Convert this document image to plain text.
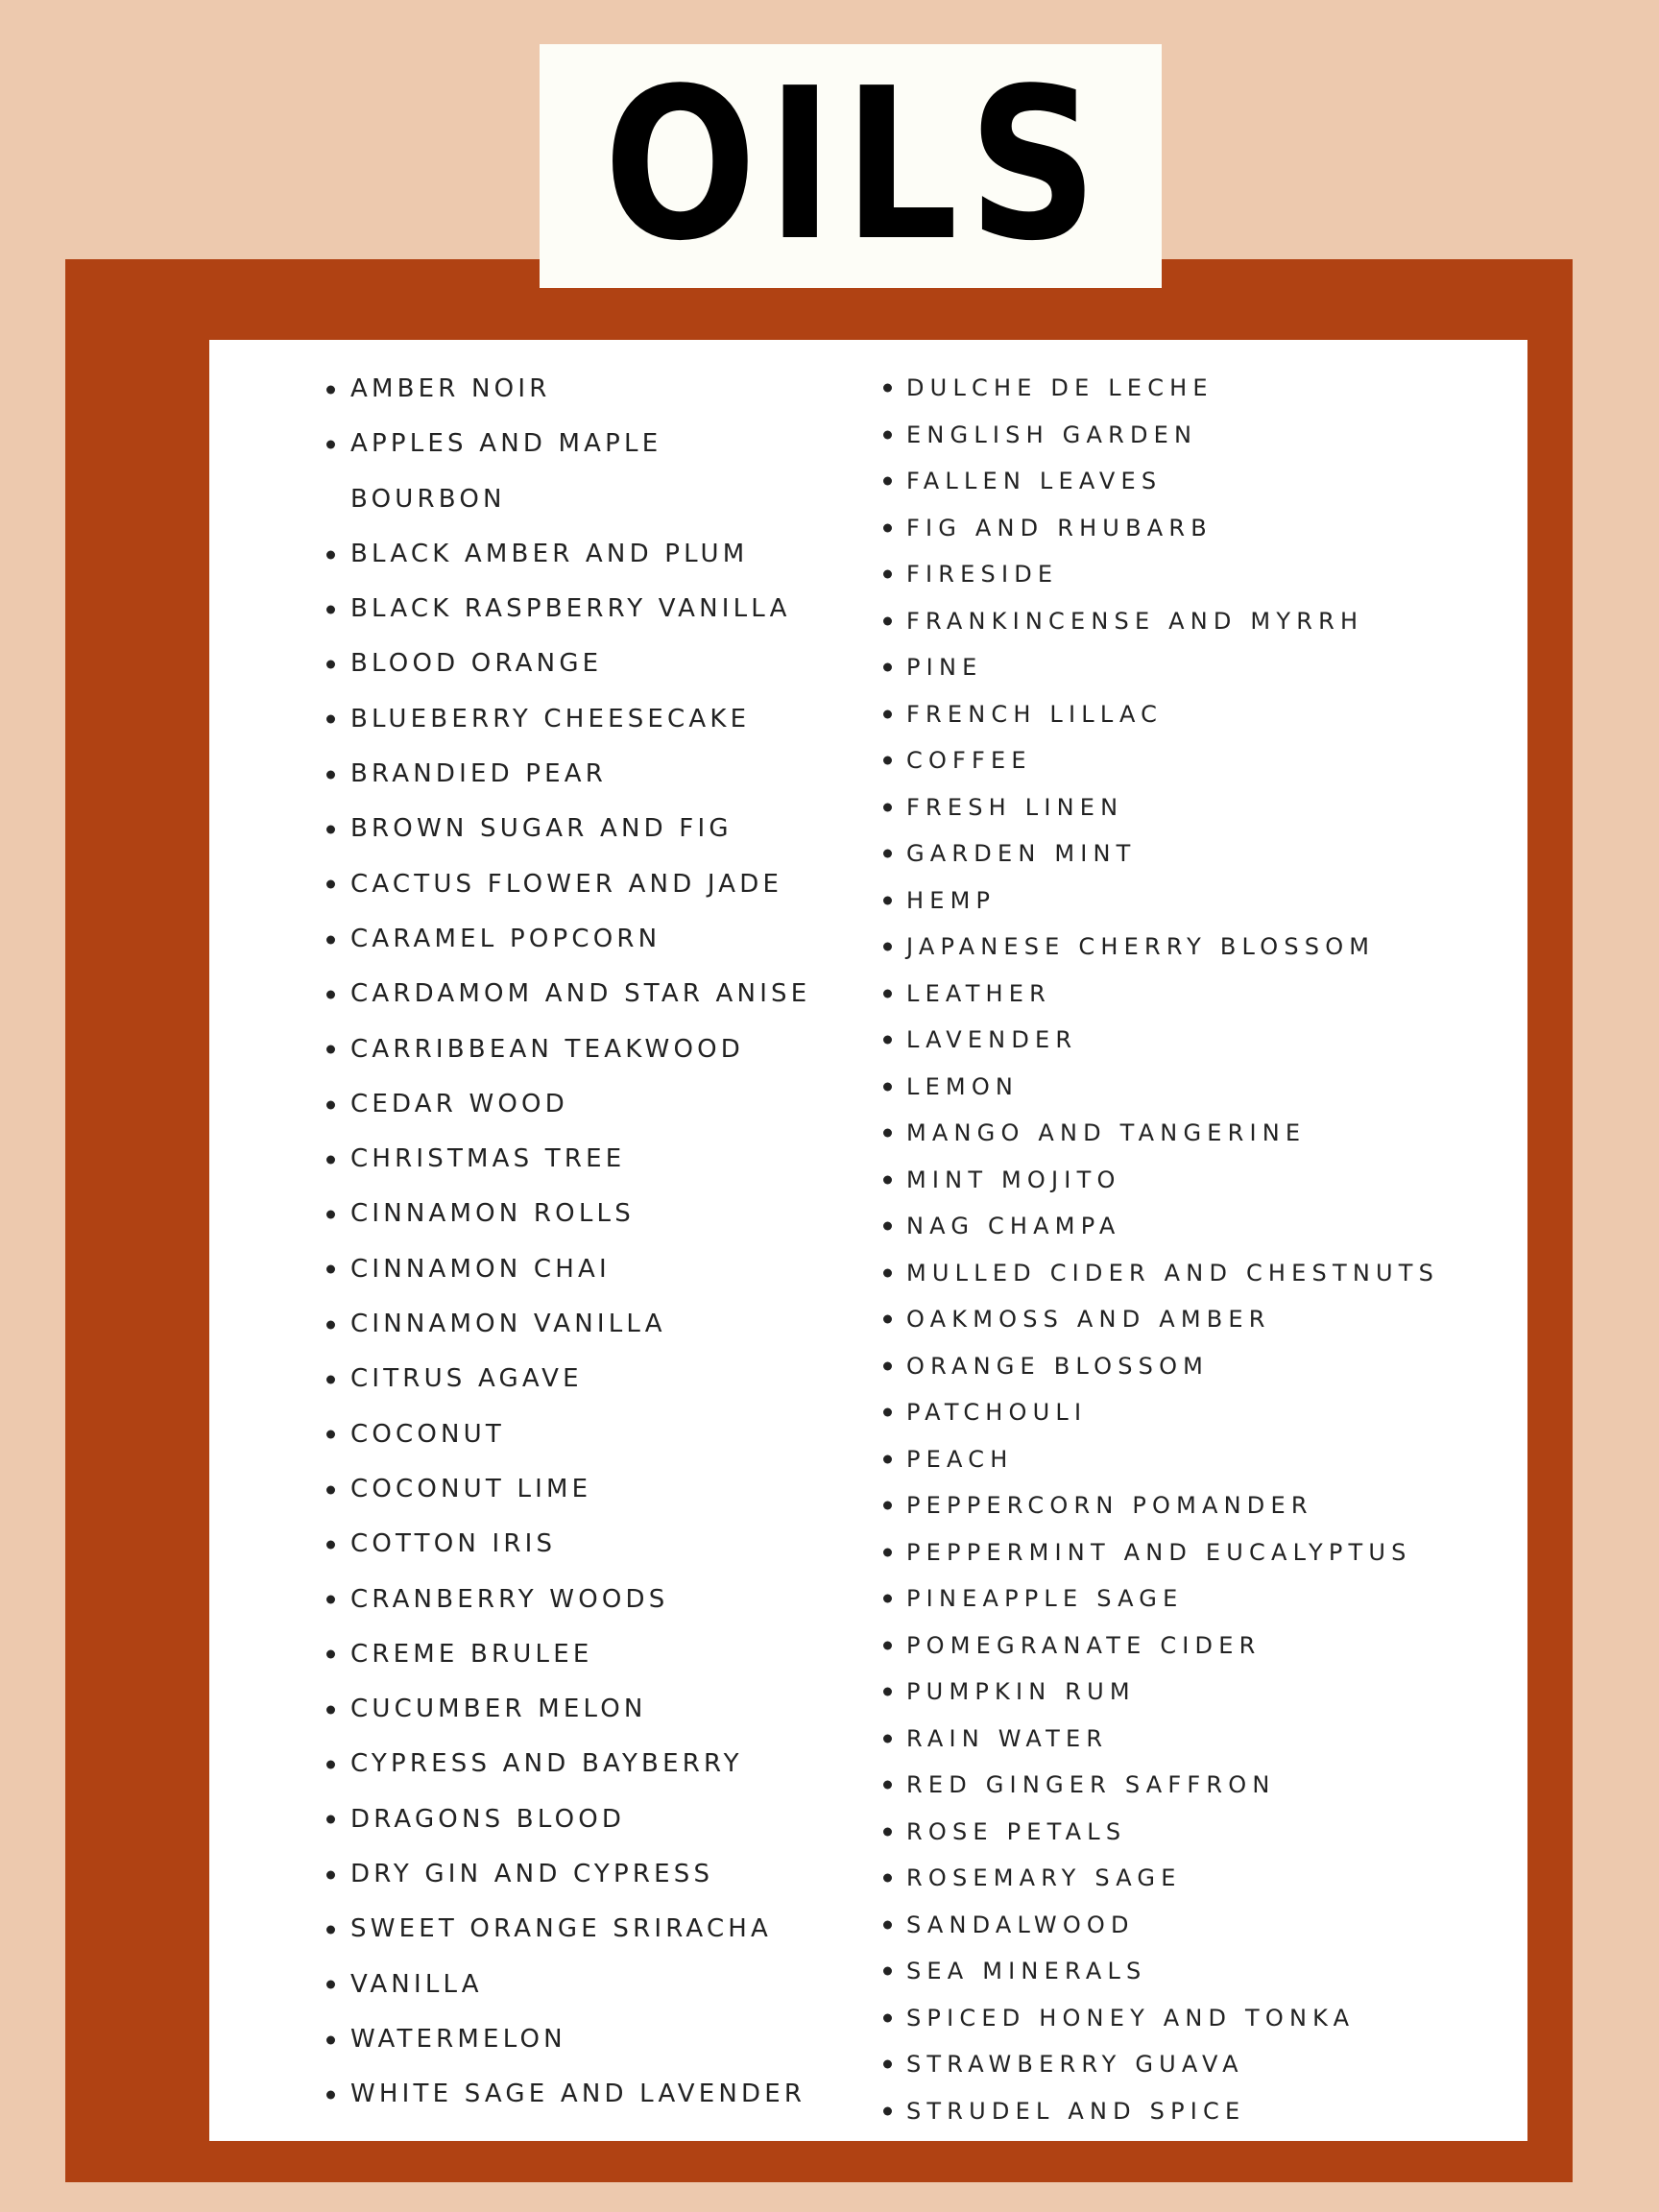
OILS
AMBER NOIR
APPLES AND MAPLE BOURBON
BLACK AMBER AND PLUM
BLACK RASPBERRY VANILLA
BLOOD ORANGE
BLUEBERRY CHEESECAKE
BRANDIED PEAR
BROWN SUGAR AND FIG
CACTUS FLOWER AND JADE
CARAMEL POPCORN
CARDAMOM AND STAR ANISE
CARRIBBEAN TEAKWOOD
CEDAR WOOD
CHRISTMAS TREE
CINNAMON ROLLS
CINNAMON CHAI
CINNAMON VANILLA
CITRUS AGAVE
COCONUT
COCONUT LIME
COTTON IRIS
CRANBERRY WOODS
CREME BRULEE
CUCUMBER MELON
CYPRESS AND BAYBERRY
DRAGONS BLOOD
DRY GIN AND CYPRESS
SWEET ORANGE SRIRACHA
VANILLA
WATERMELON
WHITE SAGE AND LAVENDER
DULCHE DE LECHE
ENGLISH GARDEN
FALLEN LEAVES
FIG AND RHUBARB
FIRESIDE
FRANKINCENSE AND MYRRH
PINE
FRENCH LILLAC
COFFEE
FRESH LINEN
GARDEN MINT
HEMP
JAPANESE CHERRY BLOSSOM
LEATHER
LAVENDER
LEMON
MANGO AND TANGERINE
MINT MOJITO
NAG CHAMPA
MULLED CIDER AND CHESTNUTS
OAKMOSS AND AMBER
ORANGE BLOSSOM
PATCHOULI
PEACH
PEPPERCORN POMANDER
PEPPERMINT AND EUCALYPTUS
PINEAPPLE SAGE
POMEGRANATE CIDER
PUMPKIN RUM
RAIN WATER
RED GINGER SAFFRON
ROSE PETALS
ROSEMARY SAGE
SANDALWOOD
SEA MINERALS
SPICED HONEY AND TONKA
STRAWBERRY GUAVA
STRUDEL AND SPICE
